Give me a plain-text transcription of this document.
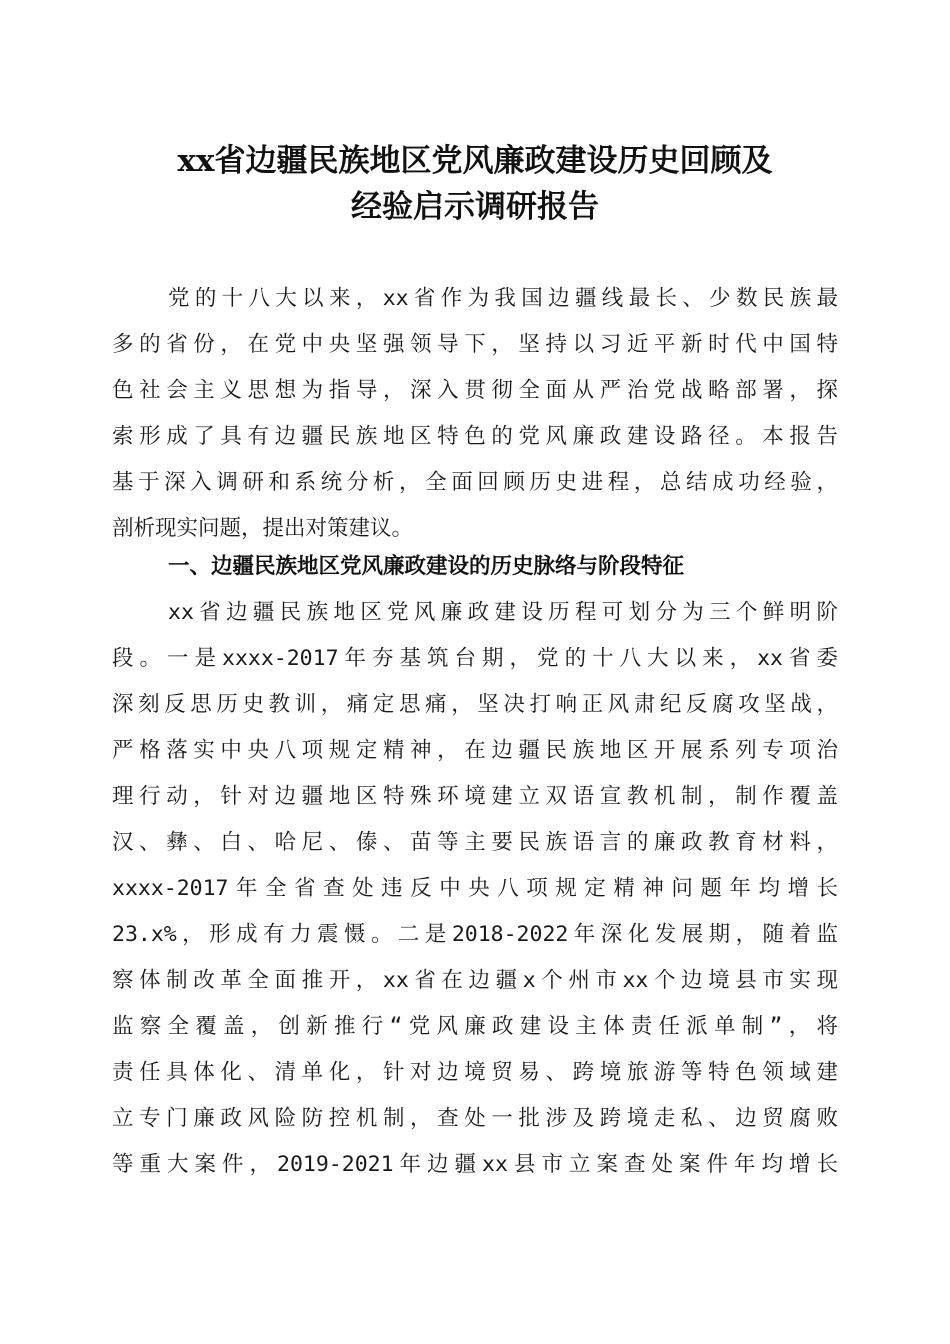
xx省边疆民族地区党风廉政建设历史回顾及
经验启示调研报告
党的十八大以来，xx省作为我国边疆线最长、少数民族最
多的省份，在党中央坚强领导下，坚持以习近平新时代中国特
色社会主义思想为指导，深入贯彻全面从严治党战略部署，探
索形成了具有边疆民族地区特色的党风廉政建设路径。本报告
基于深入调研和系统分析，全面回顾历史进程，总结成功经验，
剖析现实问题，提出对策建议。
一、边疆民族地区党风廉政建设的历史脉络与阶段特征
xx省边疆民族地区党风廉政建设历程可划分为三个鲜明阶
段。一是xxxx-2017年夯基筑台期，党的十八大以来，xx省委
深刻反思历史教训，痛定思痛，坚决打响正风肃纪反腐攻坚战，
严格落实中央八项规定精神，在边疆民族地区开展系列专项治
理行动，针对边疆地区特殊环境建立双语宣教机制，制作覆盖
汉、彝、白、哈尼、傣、苗等主要民族语言的廉政教育材料，
xxxx-2017年全省查处违反中央八项规定精神问题年均增长
23.x%，形成有力震慑。二是2018-2022年深化发展期，随着监
察体制改革全面推开，xx省在边疆x个州市xx个边境县市实现
监察全覆盖，创新推行“党风廉政建设主体责任派单制”，将
责任具体化、清单化，针对边境贸易、跨境旅游等特色领域建
立专门廉政风险防控机制，查处一批涉及跨境走私、边贸腐败
等重大案件，2019-2021年边疆xx县市立案查处案件年均增长
